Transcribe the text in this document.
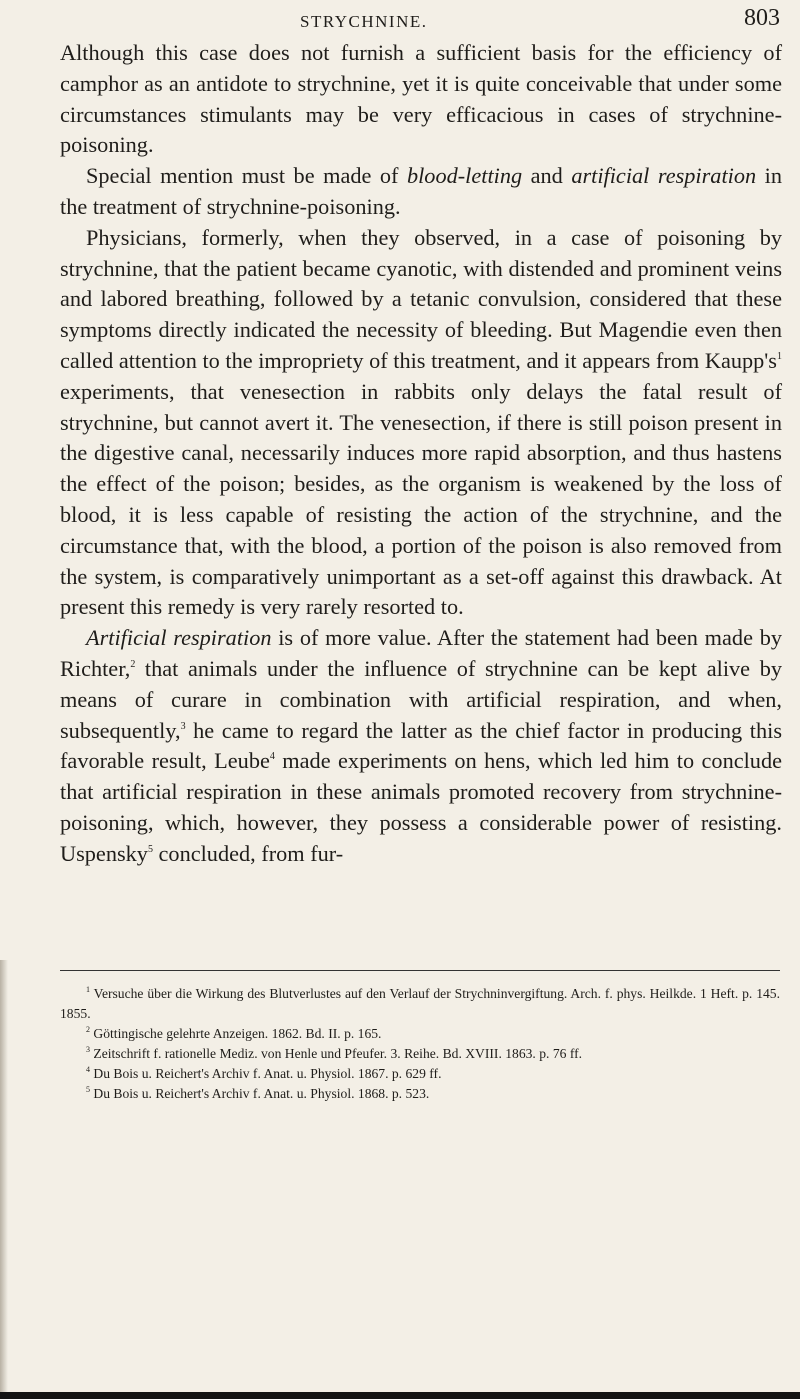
STRYCHNINE.	803

Although this case does not furnish a sufficient basis for the efficiency of camphor as an antidote to strychnine, yet it is quite conceivable that under some circumstances stimulants may be very efficacious in cases of strychnine-poisoning.

Special mention must be made of blood-letting and artificial respiration in the treatment of strychnine-poisoning.

Physicians, formerly, when they observed, in a case of poisoning by strychnine, that the patient became cyanotic, with distended and prominent veins and labored breathing, followed by a tetanic convulsion, considered that these symptoms directly indicated the necessity of bleeding. But Magendie even then called attention to the impropriety of this treatment, and it appears from $Kaupp's^1$ experiments, that venesection in rabbits only delays the fatal result of strychnine, but cannot avert it. The venesection, if there is still poison present in the digestive canal, necessarily induces more rapid absorption, and thus hastens the effect of the poison; besides, as the organism is weakened by the loss of blood, it is less capable of resisting the action of the strychnine, and the circumstance that, with the blood, a portion of the poison is also removed from the system, is comparatively unimportant as a set-off against this drawback. At present this remedy is very rarely resorted to.

Artificial respiration is of more value. After the statement had been made by Richter,$^2$ that animals under the influence of strychnine can be kept alive by means of curare in combination with artificial respiration, and when, subsequently,$^3$ he came to regard the latter as the chief factor in producing this favorable result, Leube$^4$ made experiments on hens, which led him to conclude that artificial respiration in these animals promoted recovery from strychnine-poisoning, which, however, they possess a considerable power of resisting. Uspensky$^5$ concluded, from fur-

$^1$ Versuche über die Wirkung des Blutverlustes auf den Verlauf der Strychninvergiftung. Arch. f. phys. Heilkde. 1 Heft. p. 145. 1855.

$^2$ Göttingische gelehrte Anzeigen. 1862. Bd. II. p. 165.

$^3$ Zeitschrift f. rationelle Mediz. von Henle und Pfeufer. 3. Reihe. Bd. XVIII. 1863. p. 76 ff.

$^4$ Du Bois u. Reichert's Archiv f. Anat. u. Physiol. 1867. p. 629 ff.

$^5$ Du Bois u. Reichert's Archiv f. Anat. u. Physiol. 1868. p. 523.
